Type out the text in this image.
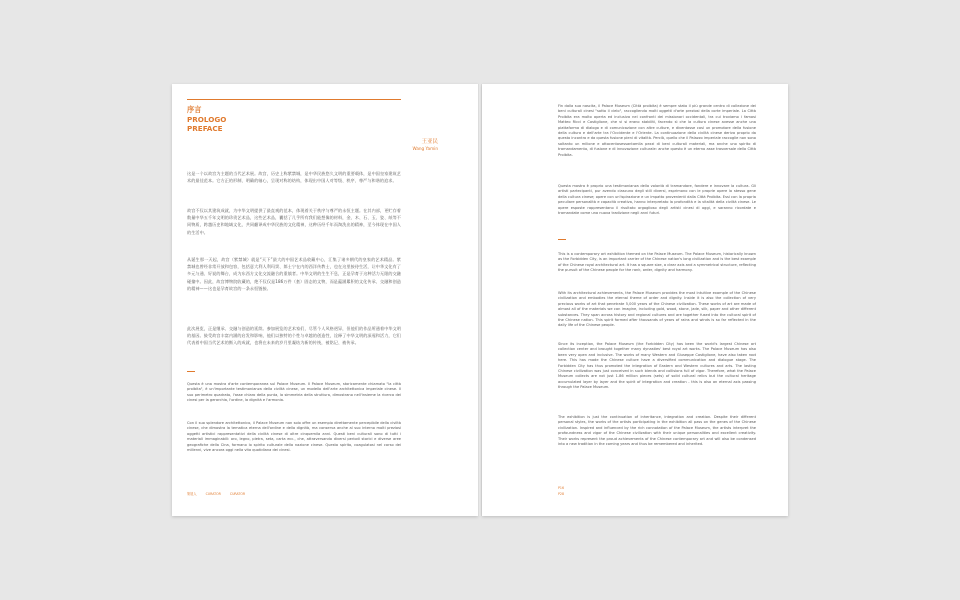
序言
PROLOGO
PREFACE
王亚民
Wang Yamin

这是一个以故宫为主题的当代艺术展。故宫，历史上称紫禁城，是中华民族悠久文明的重要载体，是中国皇家建筑艺术的最佳范本。它方正的形制、明确的轴心，呈现对称的结构，体现出中国人对等级、秩序、尊严与和谐的追求。

故宫不仅以其建筑成就，为中华文明提供了最直观的范本，体现着关于秩序与尊严的永恒主题。在其内部，更贮存着数量中华五千年文明的珍贵艺术品，这些艺术品，囊括了几乎所有我们能想像的材料，金、木、石、玉、瓷、纸等不同物质，跨越历史和地域文化，共同翻译成中华民族的文化精神，这种历经千年而淘洗出的精神，至今体现在中国人的生活中。

从诞生那一天起，故宫（紫禁城）就是“天下”最大的中国艺术品收藏中心，汇集了诸多朝代的皇家的艺术精品。紫禁城也曾经非常开放和包容，包括意大利人利玛窦、郎士宁在内的西洋传教士，也在这里接待生活，让中华文化有了多元与通、好说的舞台，成为东西方文化交流融合的重镇者。中华文明的生生不息，正是孕育于这种活力无限的交融碰撞中。因此，故宫博物院收藏的，绝不仅仅是186万件（套）固态的文物，而是蕴涵累积的文化传承、交融和创造的精神——这也是孕育故宫的一条永恒链接。

此次展览，正是继承、交融与创造的延续。参加展览的艺术家们，尽管个人风格迥异，但他们的作品所通着中华文明的基因。鼓受故宫丰富内涵的启发和影响，他们以独特的个性与卓越的创造性，诠释了中华文明的深邃和活力，它们代表着中国当代艺术的衡入的成就，也将在未来的岁月里凝结为新的传统，被铭记、被传承。

Questa è una mostra d'arte contemporanea sul Palace Museum. Il Palace Museum, storicamente chiamato "la città proibita", è un'importante testimonianza della civiltà cinese, un modello dell'arte architettonica imperiale cinese. Il suo perimetro quadrato, l'asse chiaro della punta, la simmetria della struttura, dimostrano nell'insieme la ricerca dei cinesi per la gerarchia, l'ordine, la dignità e l'armonia.

Con il suo splendore architettonico, il Palace Museum non solo offre un esempio direttamente percepibile della civiltà cinese, che dimostra la tematica eterna dell'ordine e della dignità, ma conserva anche al suo interno molti preziosi oggetti artistici rappresentativi della civiltà cinese di oltre cinquemila anni. Questi beni culturali sono di tutti i materiali immaginabili: oro, legno, pietra, seta, carta ecc., che, attraversando diversi periodi storici e diverse aree geografiche della Cina, formano lo spirito culturale della nazione cinese. Questo spirito, coagulatosi nel corso dei millenni, vive ancora oggi nella vita quotidiana dei cinesi.

策展人	CURATOR	CURATOR

Fin dalla sua nascita, il Palace Museum (Città proibita) è sempre stato il più grande centro di collezione dei beni culturali cinesi "sotto il cielo", raccogliendo molti oggetti d'arte preziosi della corte imperiale. La Città Proibita era molto aperta ed inclusiva nei confronti dei missionari occidentali, tra cui troviamo i famosi Matteo Ricci e Castiglione, che vi si erano stabiliti, facendo sì che la cultura cinese avesse anche una piattaforma di dialogo e di comunicazione con altre culture, e diventasse così un promotore della fusione della cultura e dell'arte tra l'Occidente e l'Oriente. La continuazione della civiltà cinese deriva proprio da questo incontro e da questa fusione pieni di vitalità. Perciò, quello che il Palazzo imperiale raccoglie non sono soltanto un milione e ottocentosessantamila pezzi di beni culturali materiali, ma anche uno spirito di tramandamento, di fusione e di innovazione culturale: anche questo è un eterno asse trasversale della Città Proibita.

Questa mostra è proprio una testimonianza della volontà di tramandare, fondere e innovare la cultura. Gli artisti partecipanti, pur avendo ciascuno degli stili diversi, esprimono con le proprie opere lo stesso gene della cultura cinese; opere con un'ispirazione e un impatto provenienti dalla Città Proibita. Essi con la propria peculiare personalità e capacità creativa, hanno interpretato la profondità e la vitalità della civiltà cinese. Le opere esposte rappresentano il risultato orgoglioso degli artisti cinesi di oggi, e saranno ricordate e tramandate come una nuova tradizione negli anni futuri.

This is a contemporary art exhibition themed on the Palace Museum. The Palace Museum, historically known as the Forbidden City, is an important carrier of the Chinese nation's long civilization and is the best example of the Chinese royal architectural art. It has a square size, a clear axis and a symmetrical structure, reflecting the pursuit of the Chinese people for the rank, order, dignity and harmony.

With its architectural achievements, the Palace Museum provides the most intuitive example of the Chinese civilization and embodies the eternal theme of order and dignity. Inside it is also the collection of very precious works of art that penetrate 5,000 years of the Chinese civilization. These works of art are made of almost all of the materials we can imagine, including gold, wood, stone, jade, silk, paper and other different substances. They span across history and regional cultures and are together fused into the cultural spirit of the Chinese nation. This spirit formed after thousands of years of rains and winds is so far reflected in the daily life of the Chinese people.

Since its inception, the Palace Museum (the Forbidden City) has been the world's largest Chinese art collection center and brought together many dynasties' best royal art works. The Palace Museum has also been very open and inclusive. The works of many Western and Giuseppe Castiglione, have also taken root here. This has made the Chinese culture have a diversified communication and dialogue stage. The Forbidden City has thus promoted the integration of Eastern and Western cultures and arts. The lasting Chinese civilization was just conceived in such blends and collisions full of vigor. Therefore, what the Palace Museum collects are not just 1.86 million pieces (sets) of solid cultural relics but the cultural heritage accumulated layer by layer and the spirit of integration and creation - this is also an eternal axis passing through the Palace Museum.

The exhibition is just the continuation of inheritance, integration and creation. Despite their different personal styles, the works of the artists participating in the exhibition all pass on the genes of the Chinese civilization. Inspired and influenced by the rich connotation of the Palace Museum, the artists interpret the profoundness and vigor of the Chinese civilization with their unique personalities and excellent creativity. Their works represent the proud achievements of the Chinese contemporary art and will also be condensed into a new tradition in the coming years and thus be remembered and inherited.

P16
P28
